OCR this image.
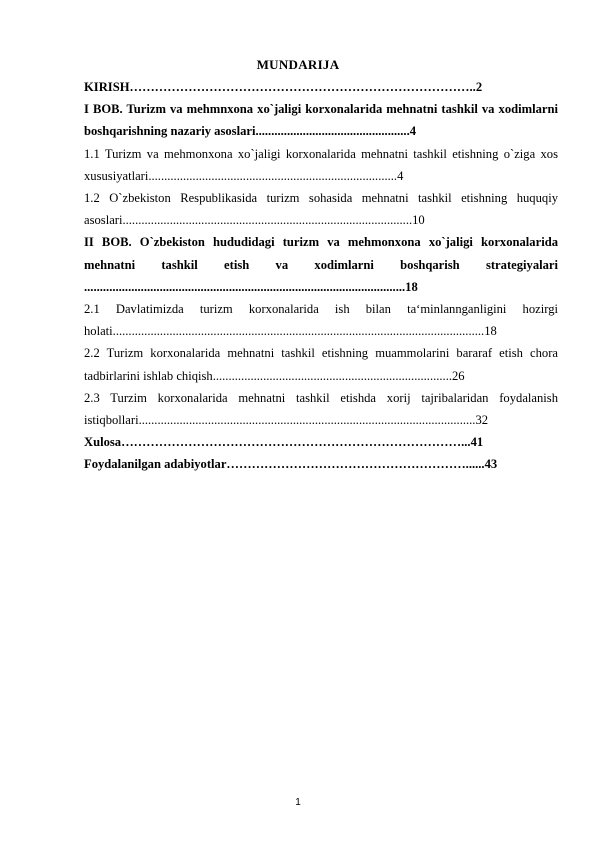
MUNDARIJA

KIRISH………………………………………………………………………..2

I BOB. Turizm va mehmnxona xo`jaligi korxonalarida mehnatni tashkil va xodimlarni boshqarishning nazariy asoslari.................................................4

1.1 Turizm va mehmonxona xo`jaligi korxonalarida mehnatni tashkil etishning o`ziga xos xususiyatlari...............................................................................4

1.2 O`zbekiston Respublikasida turizm sohasida mehnatni tashkil etishning huquqiy asoslari............................................................................................10

II BOB. O`zbekiston hududidagi turizm va mehmonxona xo`jaligi korxonalarida mehnatni tashkil etish va xodimlarni boshqarish strategiyalari ......................................................................................................18

2.1 Davlatimizda turizm korxonalarida ish bilan ta‘minlannganligini hozirgi holati......................................................................................................................18

2.2 Turizm korxonalarida mehnatni tashkil etishning muammolarini bararaf etish chora tadbirlarini ishlab chiqish............................................................................26

2.3 Turzim korxonalarida mehnatni tashkil etishda xorij tajribalaridan foydalanish istiqbollari...........................................................................................................32

Xulosa………………………………………………………………………...41

Foydalanilgan adabiyotlar…………………………………………………......43

1
